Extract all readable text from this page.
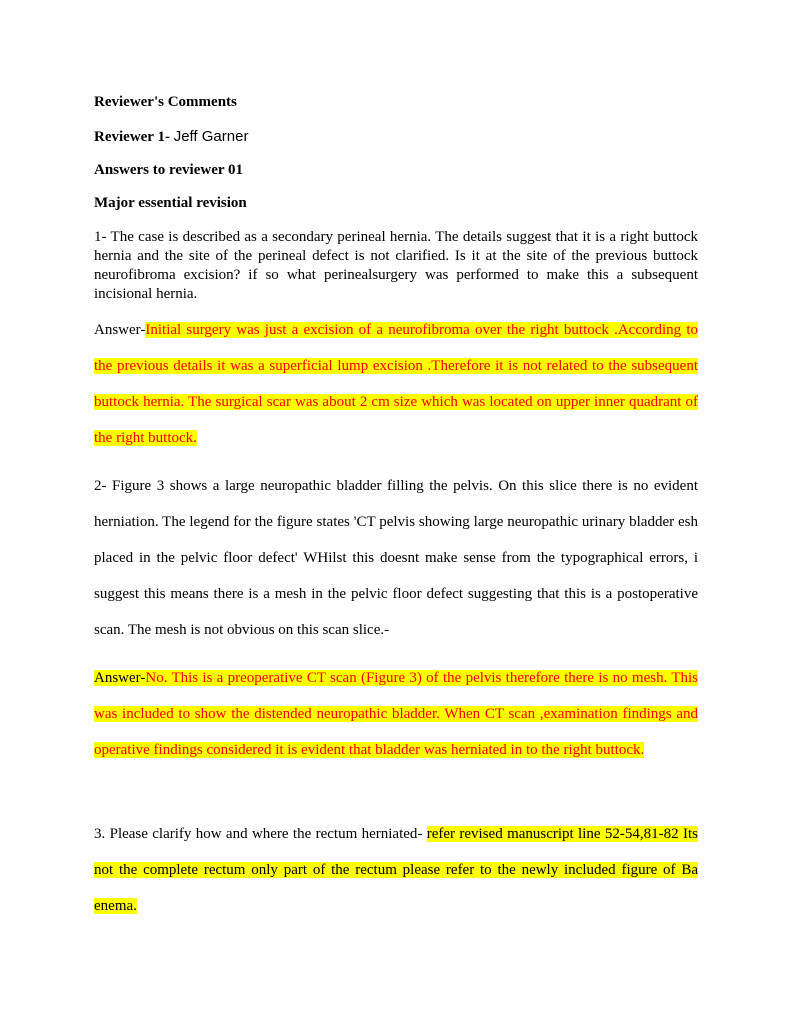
Reviewer's Comments

Reviewer 1- Jeff Garner

Answers to reviewer 01

Major essential revision

1- The case is described as a secondary perineal hernia. The details suggest that it is a right buttock hernia and the site of the perineal defect is not clarified. Is it at the site of the previous buttock neurofibroma excision? if so what perinealsurgery was performed to make this a subsequent incisional hernia.

Answer-Initial surgery was just a excision of a neurofibroma over the right buttock .According to the previous details it was a superficial lump excision .Therefore it is not related to the subsequent buttock hernia. The surgical scar was about 2 cm size which was located on upper inner quadrant of the right buttock.

2- Figure 3 shows a large neuropathic bladder filling the pelvis. On this slice there is no evident herniation. The legend for the figure states 'CT pelvis showing large neuropathic urinary bladder esh placed in the pelvic floor defect' WHilst this doesnt make sense from the typographical errors, i suggest this means there is a mesh in the pelvic floor defect suggesting that this is a postoperative scan. The mesh is not obvious on this scan slice.-

Answer-No. This is a preoperative CT scan (Figure 3) of the pelvis therefore there is no mesh. This was included to show the distended neuropathic bladder. When CT scan ,examination findings and operative findings considered it is evident that bladder was herniated in to the right buttock.

3. Please clarify how and where the rectum herniated- refer revised manuscript line 52-54,81-82 Its not the complete rectum only part of the rectum please refer to the newly included figure of Ba enema.
